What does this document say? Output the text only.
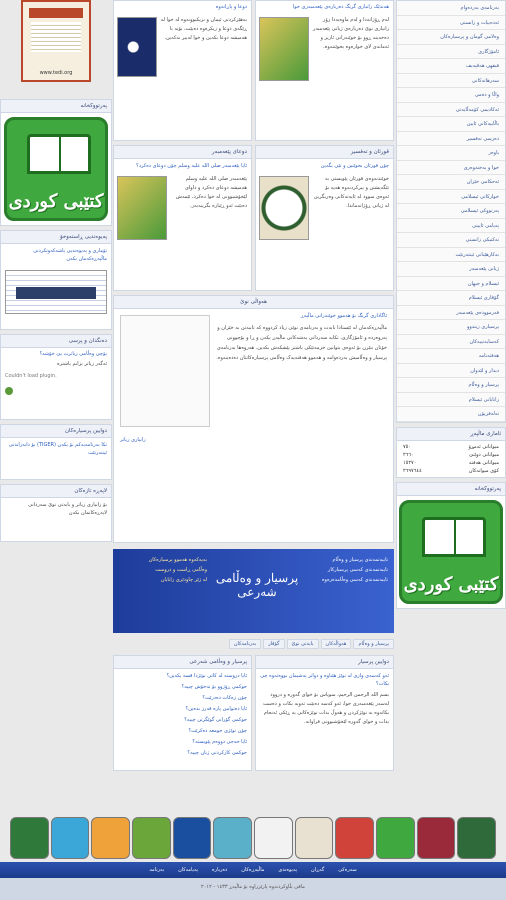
بەرنامەی بەردەوام
ئەدەبیات و زانستی
وەلامی گومان و پرسیارەکان
ئامۆژگاری
فیقهی هەڤپەیف
سەرهاتەکانی
واڵا و دەمی
ئەکادیمی کۆمەڵایەتی
باڵاییەکانی ئایین
دەرسی تەفسیر
باوەر
خوا و بەختەوەری
ئەحکامی خێزان
خوارکاتی ئیسلامی
پەرتووکی ئیسلامی
پەیامی ئایینی
تەکنیکی زانستی
بەکارهێنانی ئینتەرنێت
ژیانی پێغەمبەر
ئیسلام و جیهان
گۆڤاری ئیسلام
فەرموودەی پێغەمبەر
پرسیاری زیندوو
کەسایەتییەکان
هەفتەنامە
دیدار و لێدوان
پرسیار و وەڵام
زانایانی ئیسلام
تەلەفزیۆن
ئامارى ماڵپەڕ
میوانانی ئەمڕۆ
٧٥٠
میوانانی دوێنێ
٢٦٦٠
میوانانی هەفتە
١٥٢٧٠
کۆی میوانەکان
٢٦٩٧٦٤٤
پەرتووکخانە
کتێبی کوردی
www.tedi.org
پەرتووکخانە
کتێبی کوردی
پەیوەندیی ڕاستەوخۆ
تۆماری و پەیوەندیی پاشەکەوتکردنی ماڵپەڕەکەمان بکەن
دەنگدان و پرسی
بۆچی وەڵامی زیاترت پێ خۆشە؟
ئەگەر زیاتر بزانم باشترە
Couldn't load plugin.
دوایین پرسیارەکان
تکا بەرنامەیەکم بۆ بکەن (TIGER) بۆ دابەزاندنی ئینتەرنێت
لاپەڕە تازەکان
بۆ زانیاری زیاتر و بابەتی نوێ سەردانی لاپەڕەکانمان بکەن
دوعا و پاڕانەوە
بەهێزکردنی ئیمان و نزیکبوونەوە لە خوا لە ڕێگەی دوعا و زیکرەوە دەبێت، بۆیە با هەمیشە دوعا بکەین و خوا لەبیر نەکەین.
هەندێک زانیاری گرنگ دەربارەی پێغەمبەری خوا
لەم ڕۆژانەدا و لەم ماوەیەدا زۆر زانیاری نوێ دەربارەی ژیانی پێغەمبەر دەخەینە ڕوو بۆ خوێنەرانی ئازیز و ئەمانەی لای خوارەوە بخوێننەوە.
دوعای پێغەمبەر
ئایا پێغەمبەر صلى الله عليه وسلم چۆن دوعای دەکرد؟
پێغەمبەر صلى الله عليه وسلم هەمیشە دوعای دەکرد و داوای لێخۆشبوونی لە خوا دەکرد، ئێمەش دەبێت ئەو ڕێبازە بگرینەبەر.
قورئان و تەفسیر
چۆن قورئان بخوێنین و تێی بگەین
خوێندنەوەی قورئان پێویستی بە تێگەیشتن و بیرکردنەوە هەیە بۆ ئەوەی سوود لە ئایەتەکانی وەربگرین لە ژیانی ڕۆژانەماندا.
هەواڵی نوێ
ئاگاداری گرنگ بۆ هەموو خوێنەرانی ماڵپەڕ
ماڵپەڕەکەمان لە ئێستادا بابەت و بەرنامەی نوێی زیاد کردووە کە تایبەتن بە خێزان و پەروەردە و ئامۆژگاری، تکایە سەردانی بەشەکانی ماڵپەڕ بکەن و ڕا و بۆچوونی خۆتان بنێرن بۆ ئەوەی بتوانین خزمەتێکی باشتر پێشکەش بکەین. هەروەها بەرنامەی پرسیار و وەڵامیش بەردەوامە و هەموو هەفتەیەک وەڵامی پرسیارەکانتان دەدەینەوە.
زانیاری زیاتر
پرسیار و وەڵامی شەرعی
تایبەتمەندی پرسیار و وەڵام
تایبەتمەندی کەسی پرسیارکار
تایبەتمەندی کەسی وەڵامدەرەوە
بەیەکەوە هەموو پرسیارەکان
وەڵامی ڕاست و دروست
لە ژێر چاودێری زانایان
پرسیار و وەڵام
هەواڵەکان
بابەتی نوێ
گۆڤار
بەرنامەکان
پرسیار و وەڵامی شەرعی
ئایا دروستە لە کاتی نوێژدا قسە بکەین؟
حوکمی ڕۆژوو بۆ نەخۆش چییە؟
چۆن زەکات دەدرێت؟
ئایا دەتوانین پارە قەرز بدەین؟
حوکمی گۆرانی گوێگرتن چییە؟
چۆن نوێژی جومعە دەکرێت؟
ئایا حەجی دووەم پێویستە؟
حوکمی کارکردنی ژنان چییە؟
دوایین پرسیار
ئەو کەسەی وازی لە نوێژ هێناوە و دواتر پەشیمان بووەتەوە چی بکات؟
بسم الله الرحمن الرحیم، سوپاس بۆ خوای گەورە و دروود لەسەر پێغەمبەری خوا، ئەو کەسە دەبێت تەوبە بکات و دەست بکاتەوە بە نوێژکردن و هەوڵ بدات نوێژەکانی بە ڕێکی ئەنجام بدات و خوای گەورە لێخۆشبوونی فراوانە.
سەرەکی
گەڕان
پەیوەندی
ماڵپەڕەکان
دەربارە
پەیامەکان
بەرنامە
مافی بڵاوکردنەوە پارێزراوە بۆ ماڵپەڕ ١٤٣٣ - ٢٠١٢
